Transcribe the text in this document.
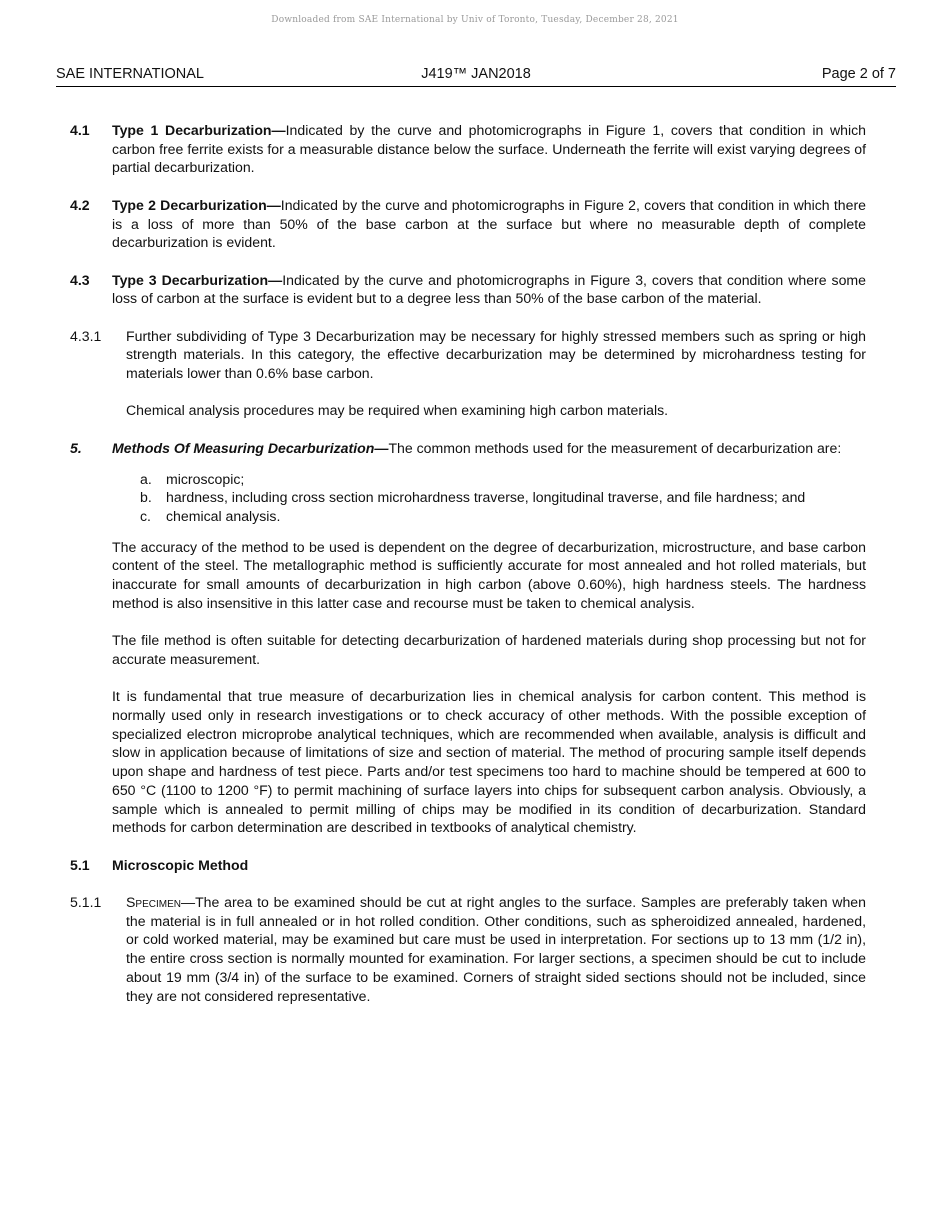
Downloaded from SAE International by Univ of Toronto, Tuesday, December 28, 2021
SAE INTERNATIONAL	J419™ JAN2018	Page 2 of 7
4.1	Type 1 Decarburization—Indicated by the curve and photomicrographs in Figure 1, covers that condition in which carbon free ferrite exists for a measurable distance below the surface. Underneath the ferrite will exist varying degrees of partial decarburization.
4.2	Type 2 Decarburization—Indicated by the curve and photomicrographs in Figure 2, covers that condition in which there is a loss of more than 50% of the base carbon at the surface but where no measurable depth of complete decarburization is evident.
4.3	Type 3 Decarburization—Indicated by the curve and photomicrographs in Figure 3, covers that condition where some loss of carbon at the surface is evident but to a degree less than 50% of the base carbon of the material.
4.3.1	Further subdividing of Type 3 Decarburization may be necessary for highly stressed members such as spring or high strength materials. In this category, the effective decarburization may be determined by microhardness testing for materials lower than 0.6% base carbon.

Chemical analysis procedures may be required when examining high carbon materials.

5.	Methods Of Measuring Decarburization—The common methods used for the measurement of decarburization are:
a.	microscopic;
b.	hardness, including cross section microhardness traverse, longitudinal traverse, and file hardness; and
c.	chemical analysis.

The accuracy of the method to be used is dependent on the degree of decarburization, microstructure, and base carbon content of the steel. The metallographic method is sufficiently accurate for most annealed and hot rolled materials, but inaccurate for small amounts of decarburization in high carbon (above 0.60%), high hardness steels. The hardness method is also insensitive in this latter case and recourse must be taken to chemical analysis.

The file method is often suitable for detecting decarburization of hardened materials during shop processing but not for accurate measurement.

It is fundamental that true measure of decarburization lies in chemical analysis for carbon content. This method is normally used only in research investigations or to check accuracy of other methods. With the possible exception of specialized electron microprobe analytical techniques, which are recommended when available, analysis is difficult and slow in application because of limitations of size and section of material. The method of procuring sample itself depends upon shape and hardness of test piece. Parts and/or test specimens too hard to machine should be tempered at 600 to 650 °C (1100 to 1200 °F) to permit machining of surface layers into chips for subsequent carbon analysis. Obviously, a sample which is annealed to permit milling of chips may be modified in its condition of decarburization. Standard methods for carbon determination are described in textbooks of analytical chemistry.

5.1	Microscopic Method
5.1.1	Specimen—The area to be examined should be cut at right angles to the surface. Samples are preferably taken when the material is in full annealed or in hot rolled condition. Other conditions, such as spheroidized annealed, hardened, or cold worked material, may be examined but care must be used in interpretation. For sections up to 13 mm (1/2 in), the entire cross section is normally mounted for examination. For larger sections, a specimen should be cut to include about 19 mm (3/4 in) of the surface to be examined. Corners of straight sided sections should not be included, since they are not considered representative.
